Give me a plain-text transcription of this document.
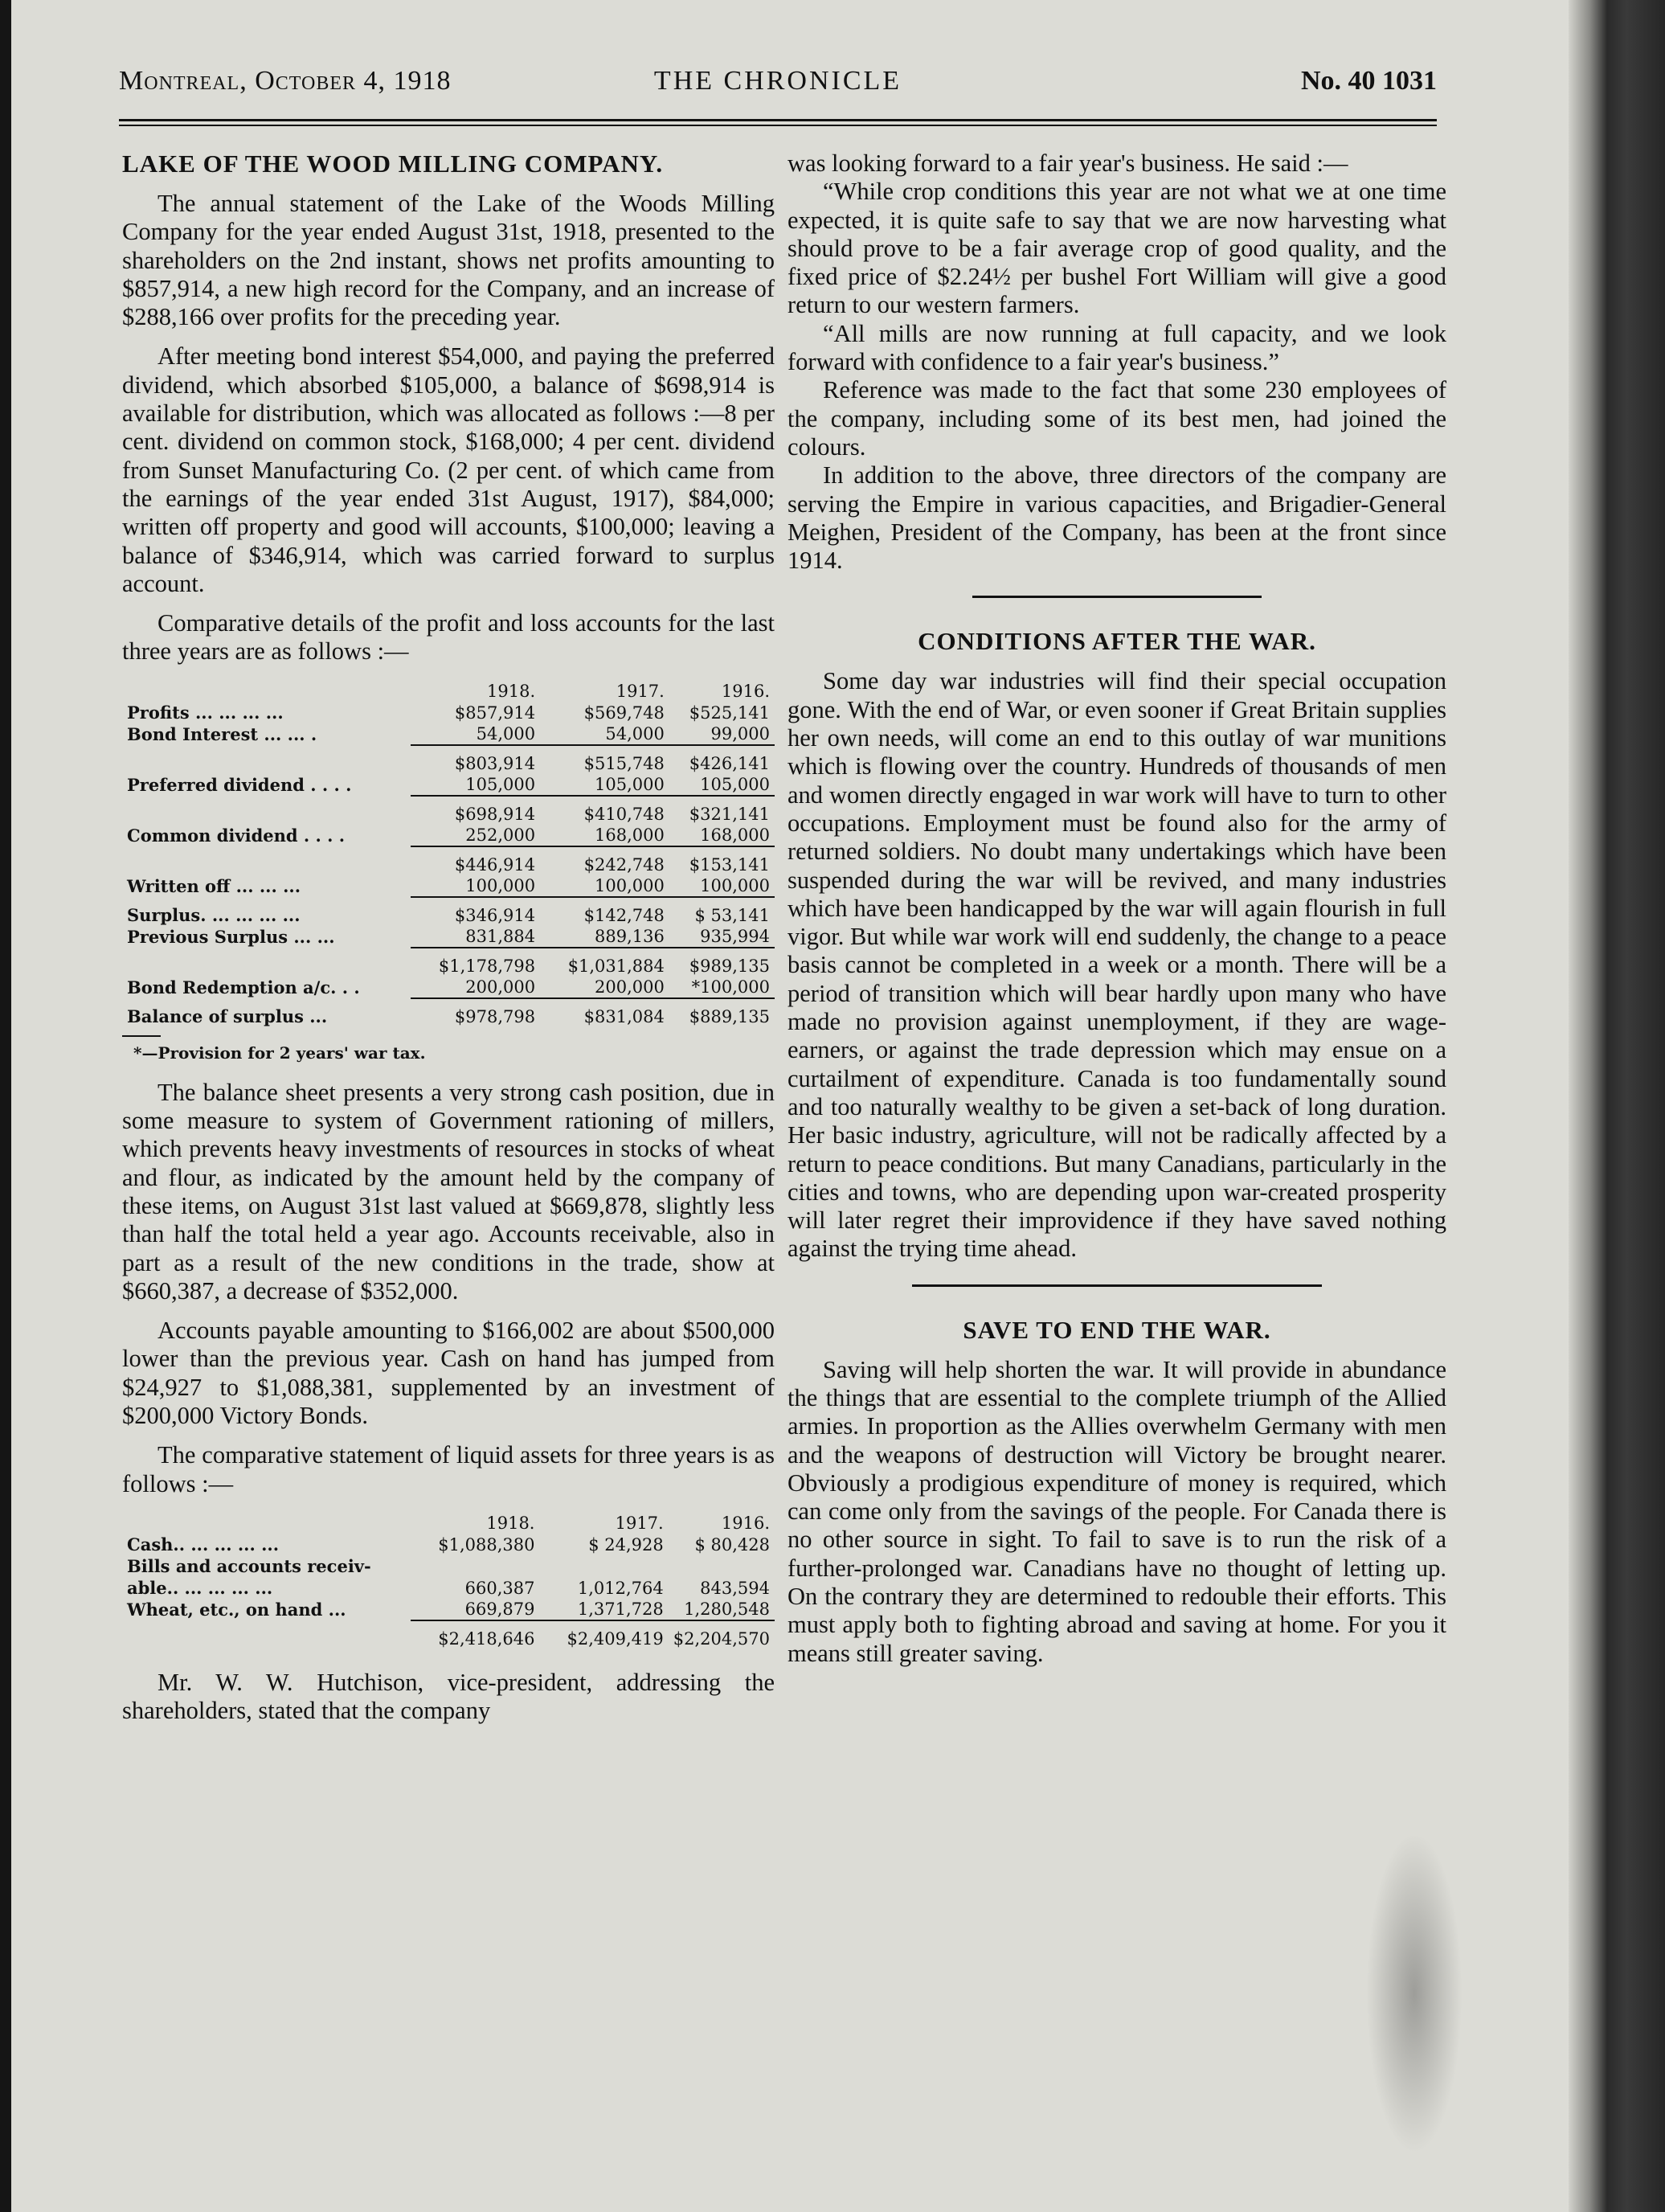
Montreal, October 4, 1918	THE CHRONICLE	No. 40 1031
LAKE OF THE WOOD MILLING COMPANY.

The annual statement of the Lake of the Woods Milling Company for the year ended August 31st, 1918, presented to the shareholders on the 2nd instant, shows net profits amounting to $857,914, a new high record for the Company, and an increase of $288,166 over profits for the preceding year.

After meeting bond interest $54,000, and paying the preferred dividend, which absorbed $105,000, a balance of $698,914 is available for distribution, which was allocated as follows :—8 per cent. dividend on common stock, $168,000; 4 per cent. dividend from Sunset Manufacturing Co. (2 per cent. of which came from the earnings of the year ended 31st August, 1917), $84,000; written off property and good will accounts, $100,000; leaving a balance of $346,914, which was carried forward to surplus account.

Comparative details of the profit and loss accounts for the last three years are as follows :—

	1918.	1917.	1916.
Profits ... ... ... ...	$857,914	$569,748	$525,141
Bond Interest ... ... .	54,000	54,000	99,000
	$803,914	$515,748	$426,141
Preferred dividend . . . .	105,000	105,000	105,000
	$698,914	$410,748	$321,141
Common dividend . . . .	252,000	168,000	168,000
	$446,914	$242,748	$153,141
Written off ... ... ...	100,000	100,000	100,000
Surplus. ... ... ... ...	$346,914	$142,748	$ 53,141
Previous Surplus ... ...	831,884	889,136	935,994
	$1,178,798	$1,031,884	$989,135
Bond Redemption a/c. . .	200,000	200,000	*100,000
Balance of surplus ...	$978,798	$831,084	$889,135
*—Provision for 2 years' war tax.

The balance sheet presents a very strong cash position, due in some measure to system of Government rationing of millers, which prevents heavy investments of resources in stocks of wheat and flour, as indicated by the amount held by the company of these items, on August 31st last valued at $669,878, slightly less than half the total held a year ago. Accounts receivable, also in part as a result of the new conditions in the trade, show at $660,387, a decrease of $352,000.

Accounts payable amounting to $166,002 are about $500,000 lower than the previous year. Cash on hand has jumped from $24,927 to $1,088,381, supplemented by an investment of $200,000 Victory Bonds.

The comparative statement of liquid assets for three years is as follows :—

	1918.	1917.	1916.
Cash.. ... ... ... ...	$1,088,380	$ 24,928	$ 80,428
Bills and accounts receiv-			
able.. ... ... ... ...	660,387	1,012,764	843,594
Wheat, etc., on hand ...	669,879	1,371,728	1,280,548
	$2,418,646	$2,409,419	$2,204,570

Mr. W. W. Hutchison, vice-president, addressing the shareholders, stated that the company

was looking forward to a fair year's business. He said :—

“While crop conditions this year are not what we at one time expected, it is quite safe to say that we are now harvesting what should prove to be a fair average crop of good quality, and the fixed price of $2.24½ per bushel Fort William will give a good return to our western farmers.

“All mills are now running at full capacity, and we look forward with confidence to a fair year's business.”

Reference was made to the fact that some 230 employees of the company, including some of its best men, had joined the colours.

In addition to the above, three directors of the company are serving the Empire in various capacities, and Brigadier-General Meighen, President of the Company, has been at the front since 1914.

CONDITIONS AFTER THE WAR.

Some day war industries will find their special occupation gone. With the end of War, or even sooner if Great Britain supplies her own needs, will come an end to this outlay of war munitions which is flowing over the country. Hundreds of thousands of men and women directly engaged in war work will have to turn to other occupations. Employment must be found also for the army of returned soldiers. No doubt many undertakings which have been suspended during the war will be revived, and many industries which have been handicapped by the war will again flourish in full vigor. But while war work will end suddenly, the change to a peace basis cannot be completed in a week or a month. There will be a period of transition which will bear hardly upon many who have made no provision against unemployment, if they are wage-earners, or against the trade depression which may ensue on a curtailment of expenditure. Canada is too fundamentally sound and too naturally wealthy to be given a set-back of long duration. Her basic industry, agriculture, will not be radically affected by a return to peace conditions. But many Canadians, particularly in the cities and towns, who are depending upon war-created prosperity will later regret their improvidence if they have saved nothing against the trying time ahead.

SAVE TO END THE WAR.

Saving will help shorten the war. It will provide in abundance the things that are essential to the complete triumph of the Allied armies. In proportion as the Allies overwhelm Germany with men and the weapons of destruction will Victory be brought nearer. Obviously a prodigious expenditure of money is required, which can come only from the savings of the people. For Canada there is no other source in sight. To fail to save is to run the risk of a further-prolonged war. Canadians have no thought of letting up. On the contrary they are determined to redouble their efforts. This must apply both to fighting abroad and saving at home. For you it means still greater saving.
